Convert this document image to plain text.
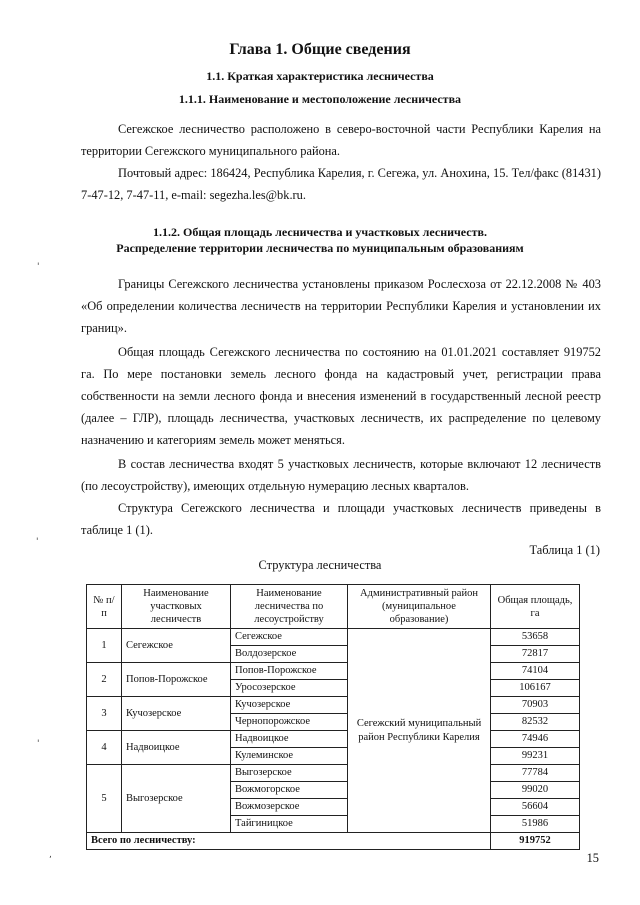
Глава 1. Общие сведения
1.1. Краткая характеристика лесничества
1.1.1. Наименование и местоположение лесничества

Сегежское лесничество расположено в северо-восточной части Республики Карелия на территории Сегежского муниципального района.

Почтовый адрес: 186424, Республика Карелия, г. Сегежа, ул. Анохина, 15. Тел/факс (81431) 7-47-12, 7-47-11, e-mail: segezha.les@bk.ru.

1.1.2. Общая площадь лесничества и участковых лесничеств.
Распределение территории лесничества по муниципальным образованиям
'

Границы Сегежского лесничества установлены приказом Рослесхоза от 22.12.2008 № 403 «Об определении количества лесничеств на территории Республики Карелия и установлении их границ».

Общая площадь Сегежского лесничества по состоянию на 01.01.2021 составляет 919752 га. По мере постановки земель лесного фонда на кадастровый учет, регистрации права собственности на земли лесного фонда и внесения изменений в государственный лесной реестр (далее – ГЛР), площадь лесничества, участковых лесничеств, их распределение по целевому назначению и категориям земель может меняться.

В состав лесничества входят 5 участковых лесничеств, которые включают 12 лесничеств (по лесоустройству), имеющих отдельную нумерацию лесных кварталов.

Структура Сегежского лесничества и площади участковых лесничеств приведены в таблице 1 (1).

'
Таблица 1 (1)
Структура лесничества
№ п/п	Наименование участковых лесничеств	Наименование лесничества по лесоустройству	Административный район (муниципальное образование)	Общая площадь, га
1	Сегежское	Сегежское	Сегежский муниципальный район Республики Карелия	53658
		Волдозерское		72817
2	Попов-Порожское	Попов-Порожское		74104
		Уросозерское		106167
3	Кучозерское	Кучозерское		70903
		Чернопорожское		82532
4	Надвоицкое	Надвоицкое		74946
		Кулеминское		99231
5	Выгозерское	Выгозерское		77784
		Вожмогорское		99020
		Вожмозерское		56604
		Тайгиницкое		51986
Всего по лесничеству:				919752
'
,	15
